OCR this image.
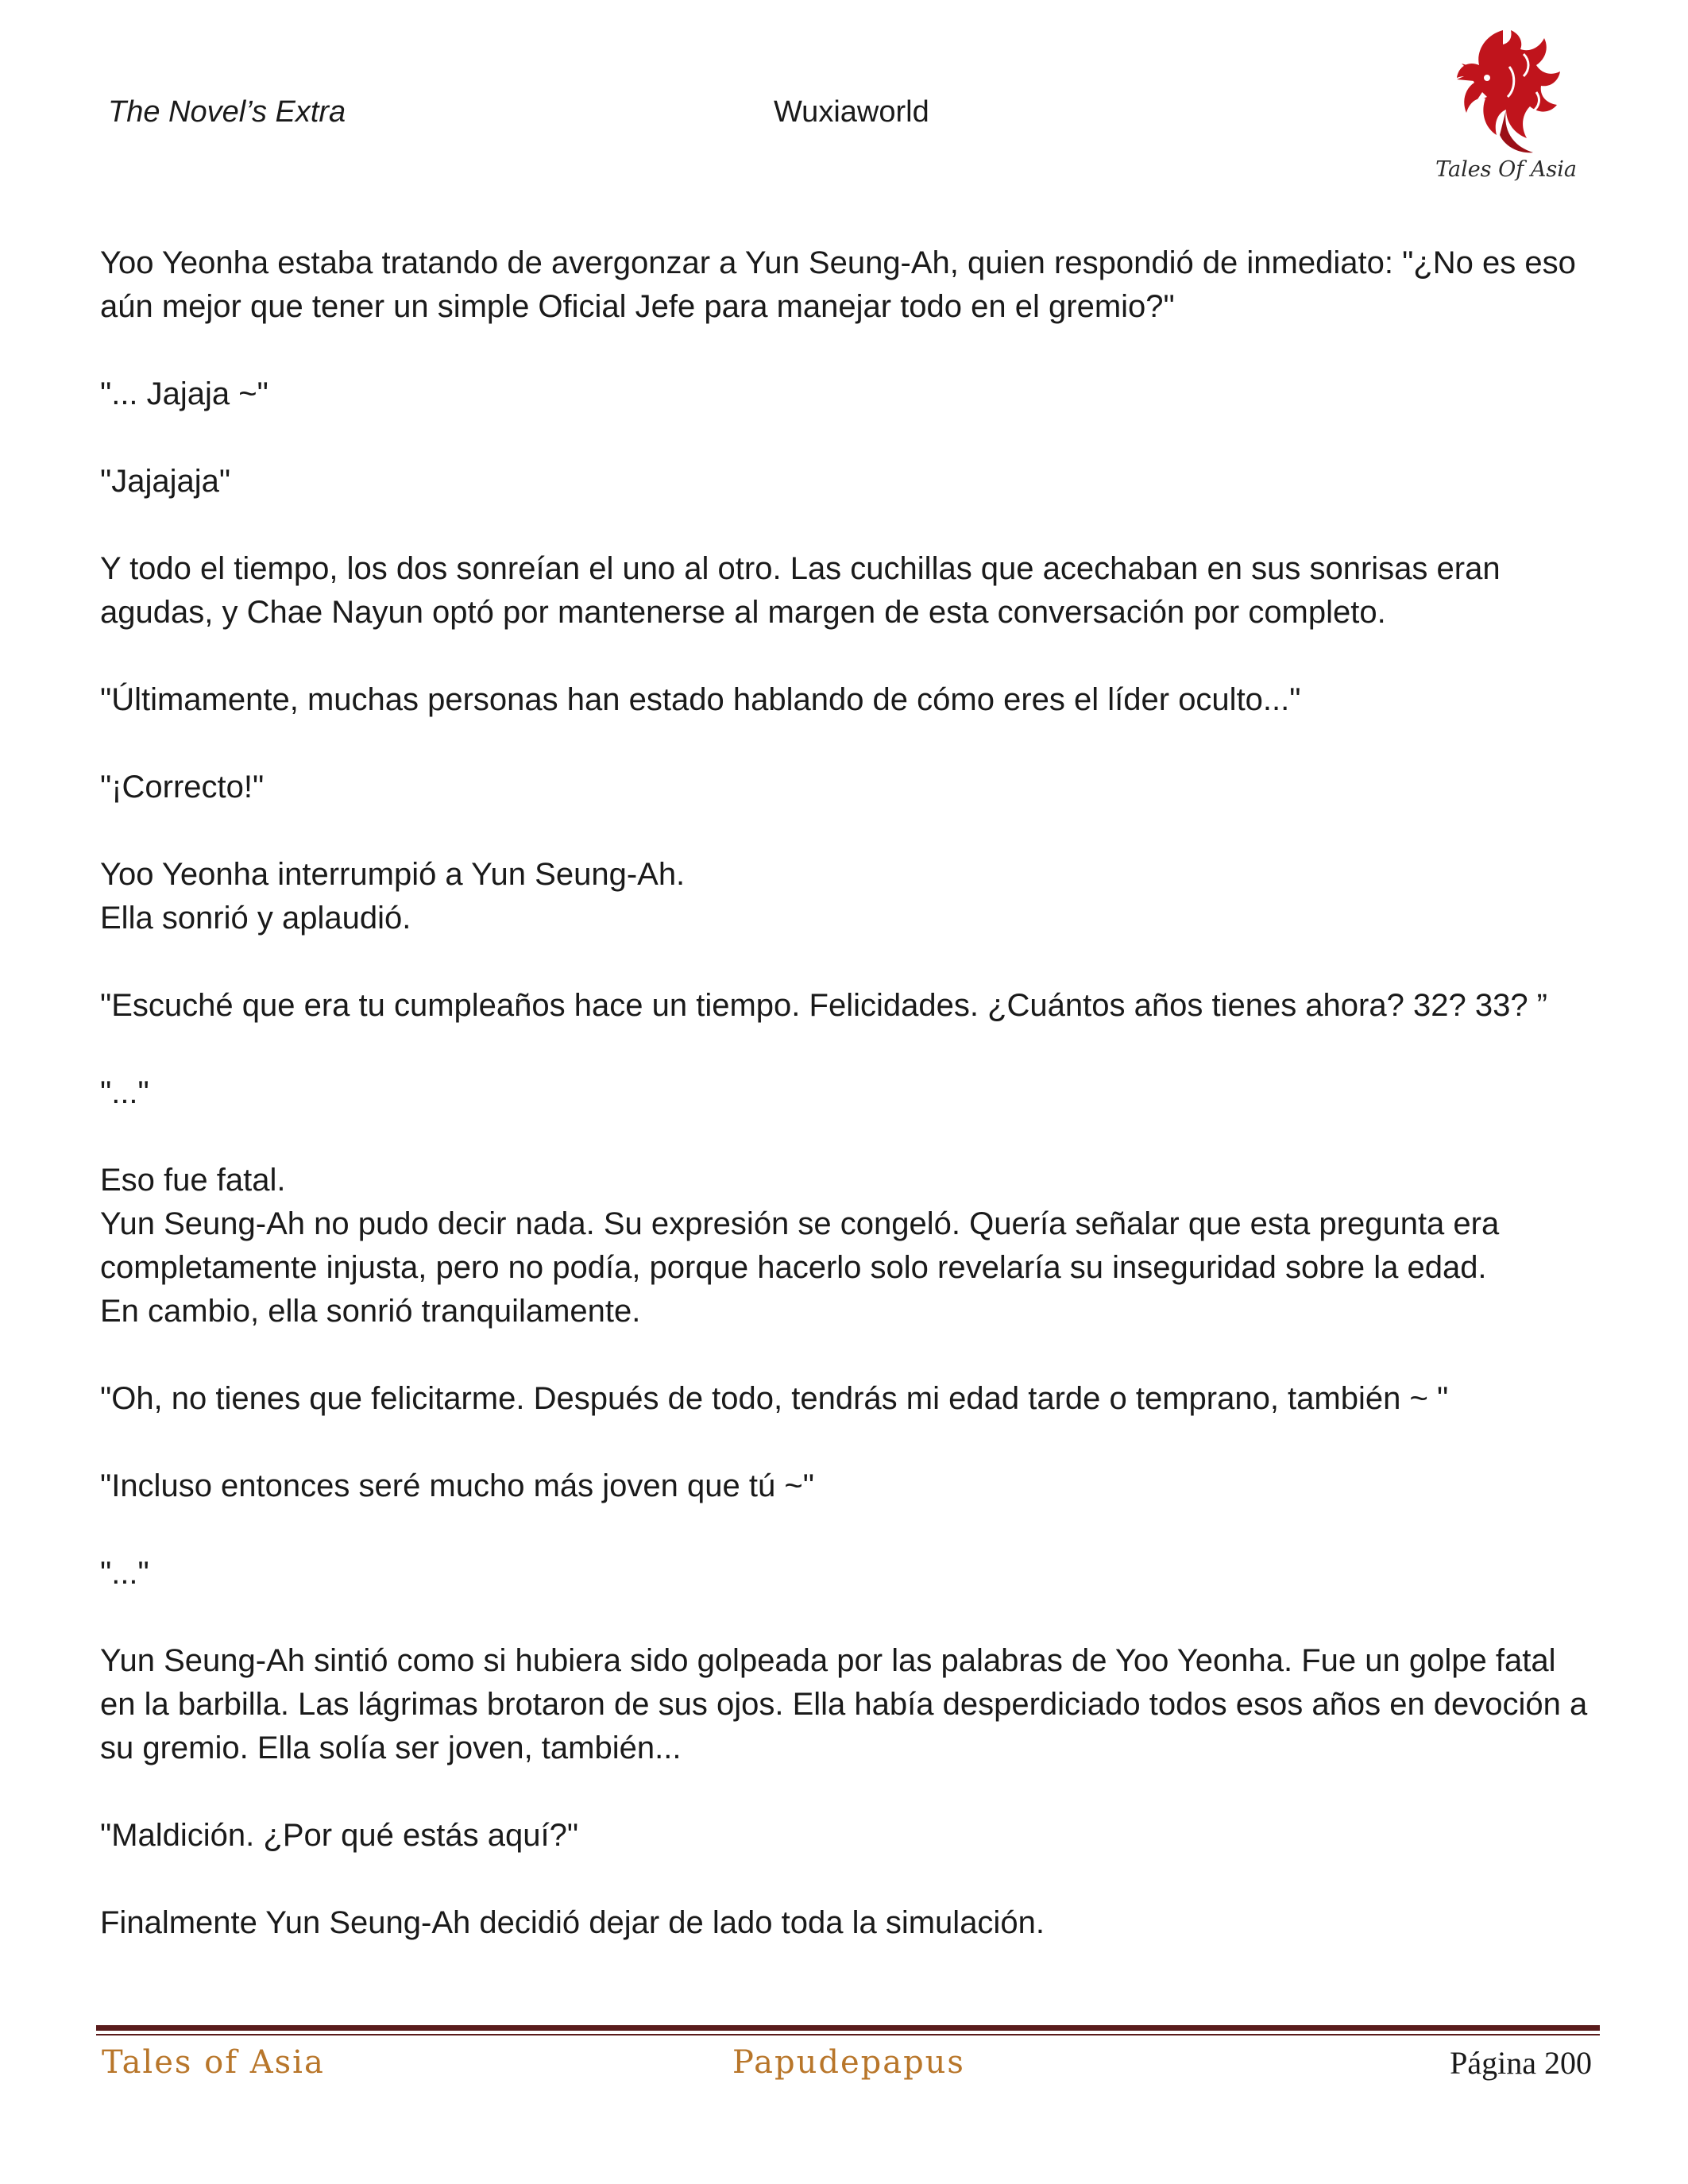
The Novel’s Extra	Wuxiaworld
Tales Of Asia

Yoo Yeonha estaba tratando de avergonzar a Yun Seung-Ah, quien respondió de inmediato: "¿No es eso aún mejor que tener un simple Oficial Jefe para manejar todo en el gremio?"

"... Jajaja ~"

"Jajajaja"

Y todo el tiempo, los dos sonreían el uno al otro. Las cuchillas que acechaban en sus sonrisas eran agudas, y Chae Nayun optó por mantenerse al margen de esta conversación por completo.

"Últimamente, muchas personas han estado hablando de cómo eres el líder oculto..."

"¡Correcto!"

Yoo Yeonha interrumpió a Yun Seung-Ah.

Ella sonrió y aplaudió.

"Escuché que era tu cumpleaños hace un tiempo. Felicidades. ¿Cuántos años tienes ahora? 32? 33? ”

"..."

Eso fue fatal.

Yun Seung-Ah no pudo decir nada. Su expresión se congeló. Quería señalar que esta pregunta era completamente injusta, pero no podía, porque hacerlo solo revelaría su inseguridad sobre la edad.

En cambio, ella sonrió tranquilamente.

"Oh, no tienes que felicitarme. Después de todo, tendrás mi edad tarde o temprano, también ~ "

"Incluso entonces seré mucho más joven que tú ~"

"..."

Yun Seung-Ah sintió como si hubiera sido golpeada por las palabras de Yoo Yeonha. Fue un golpe fatal en la barbilla. Las lágrimas brotaron de sus ojos. Ella había desperdiciado todos esos años en devoción a su gremio. Ella solía ser joven, también...

"Maldición. ¿Por qué estás aquí?"

Finalmente Yun Seung-Ah decidió dejar de lado toda la simulación.

Tales of Asia	Papudepapus	Página 200
